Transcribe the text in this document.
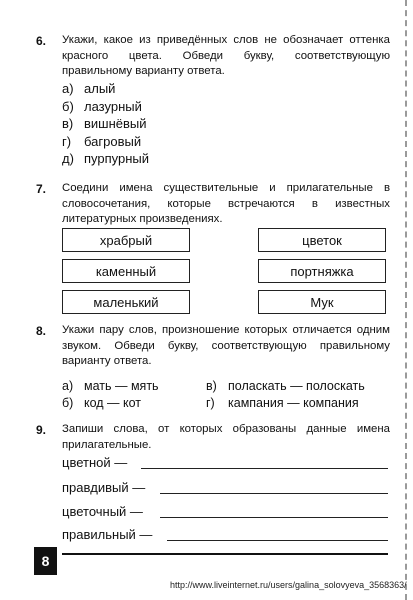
6. Укажи, какое из приведённых слов не обозначает оттенка красного цвета. Обведи букву, соответствующую правильному варианту ответа.
а) алый
б) лазурный
в) вишнёвый
г) багровый
д) пурпурный
7. Соедини имена существительные и прилагательные в словосочетания, которые встречаются в известных литературных произведениях.
храбрый
каменный
маленький
цветок
портняжка
Мук
8. Укажи пару слов, произношение которых отличается одним звуком. Обведи букву, соответствующую правильному варианту ответа.
а) мать — мять
б) код — кот
в) поласкать — полоскать
г)	кампания — компания
9. Запиши слова, от которых образованы данные имена прилагательные.
цветной —
правдивый —
цветочный —
правильный —
8
http://www.liveinternet.ru/users/galina_solovyeva_3568363/
